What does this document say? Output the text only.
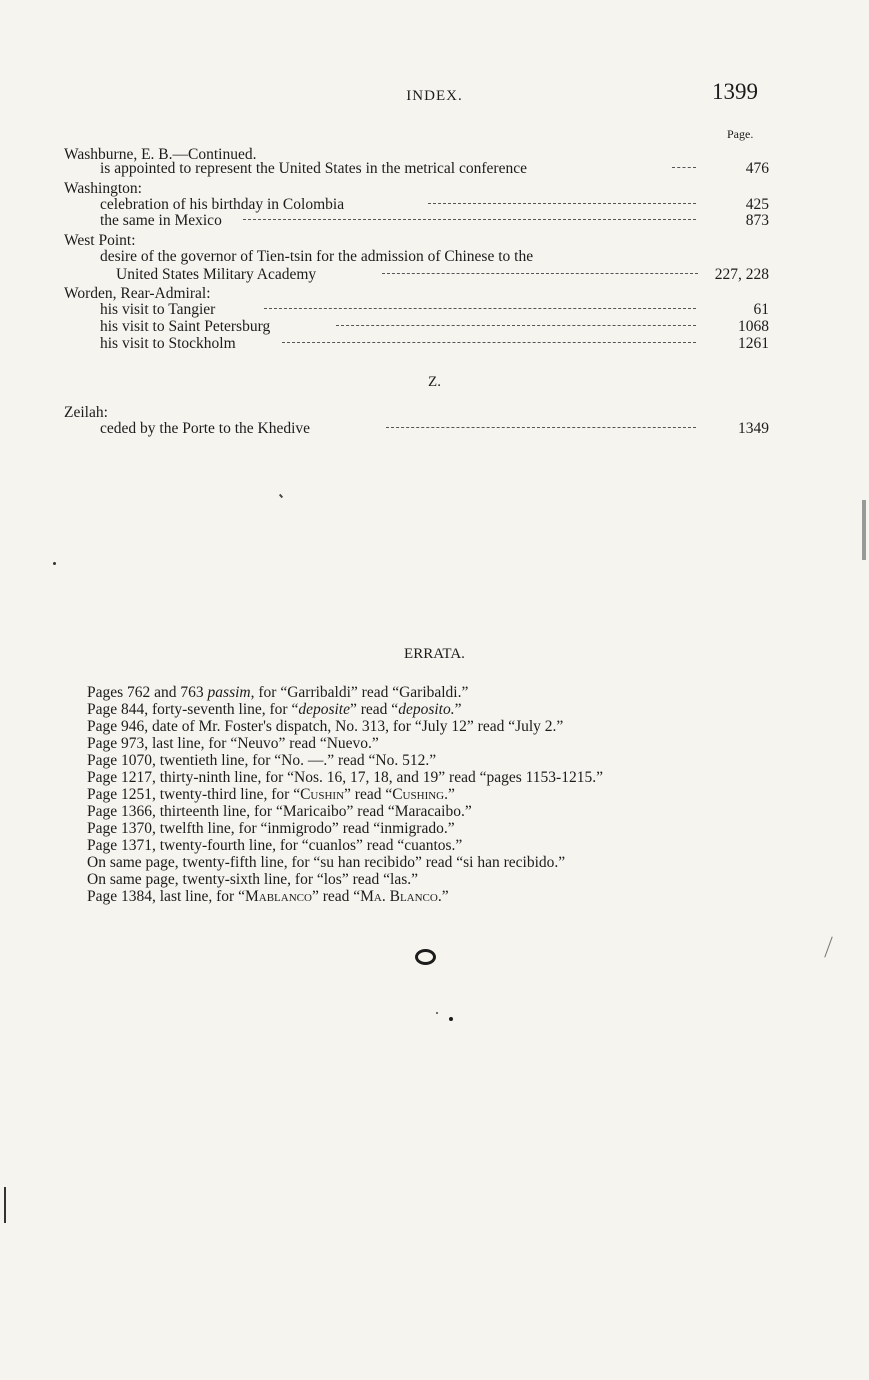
INDEX.	1399
Page.
Washburne, E. B.—Continued.
is appointed to represent the United States in the metrical conference	476
Washington:
celebration of his birthday in Colombia	425
the same in Mexico	873
West Point:
desire of the governor of Tien-tsin for the admission of Chinese to the
United States Military Academy	227, 228
Worden, Rear-Admiral:
his visit to Tangier	61
his visit to Saint Petersburg	1068
his visit to Stockholm	1261
Z.
Zeilah:
ceded by the Porte to the Khedive	1349
ERRATA.
Pages 762 and 763 passim, for “Garribaldi” read “Garibaldi.”
Page 844, forty-seventh line, for “deposite” read “deposito.”
Page 946, date of Mr. Foster's dispatch, No. 313, for “July 12” read “July 2.”
Page 973, last line, for “Neuvo” read “Nuevo.”
Page 1070, twentieth line, for “No. —.” read “No. 512.”
Page 1217, thirty-ninth line, for “Nos. 16, 17, 18, and 19” read “pages 1153-1215.”
Page 1251, twenty-third line, for “Cushin” read “Cushing.”
Page 1366, thirteenth line, for “Maricaibo” read “Maracaibo.”
Page 1370, twelfth line, for “inmigrodo” read “inmigrado.”
Page 1371, twenty-fourth line, for “cuanlos” read “cuantos.”
On same page, twenty-fifth line, for “su han recibido” read “si han recibido.”
On same page, twenty-sixth line, for “los” read “las.”
Page 1384, last line, for “Mablanco” read “Ma. Blanco.”
